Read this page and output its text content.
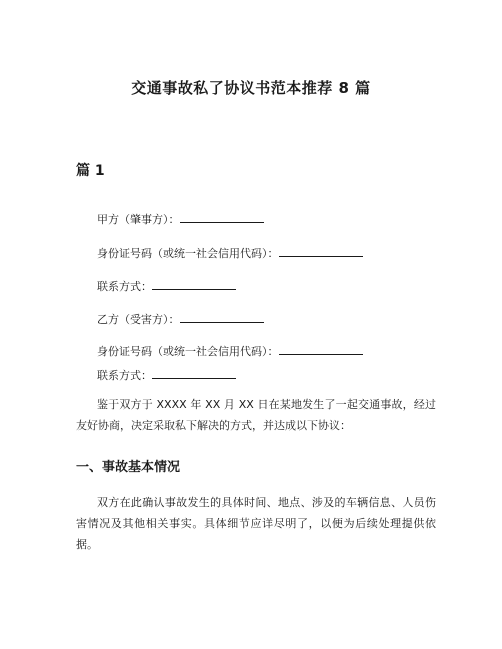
交通事故私了协议书范本推荐 8 篇
篇 1
甲方（肇事方）：
身份证号码（或统一社会信用代码）：
联系方式：
乙方（受害方）：
身份证号码（或统一社会信用代码）：
联系方式：
鉴于双方于 XXXX 年 XX 月 XX 日在某地发生了一起交通事故，经过友好协商，决定采取私下解决的方式，并达成以下协议：
一、事故基本情况
双方在此确认事故发生的具体时间、地点、涉及的车辆信息、人员伤害情况及其他相关事实。具体细节应详尽明了，以便为后续处理提供依据。
